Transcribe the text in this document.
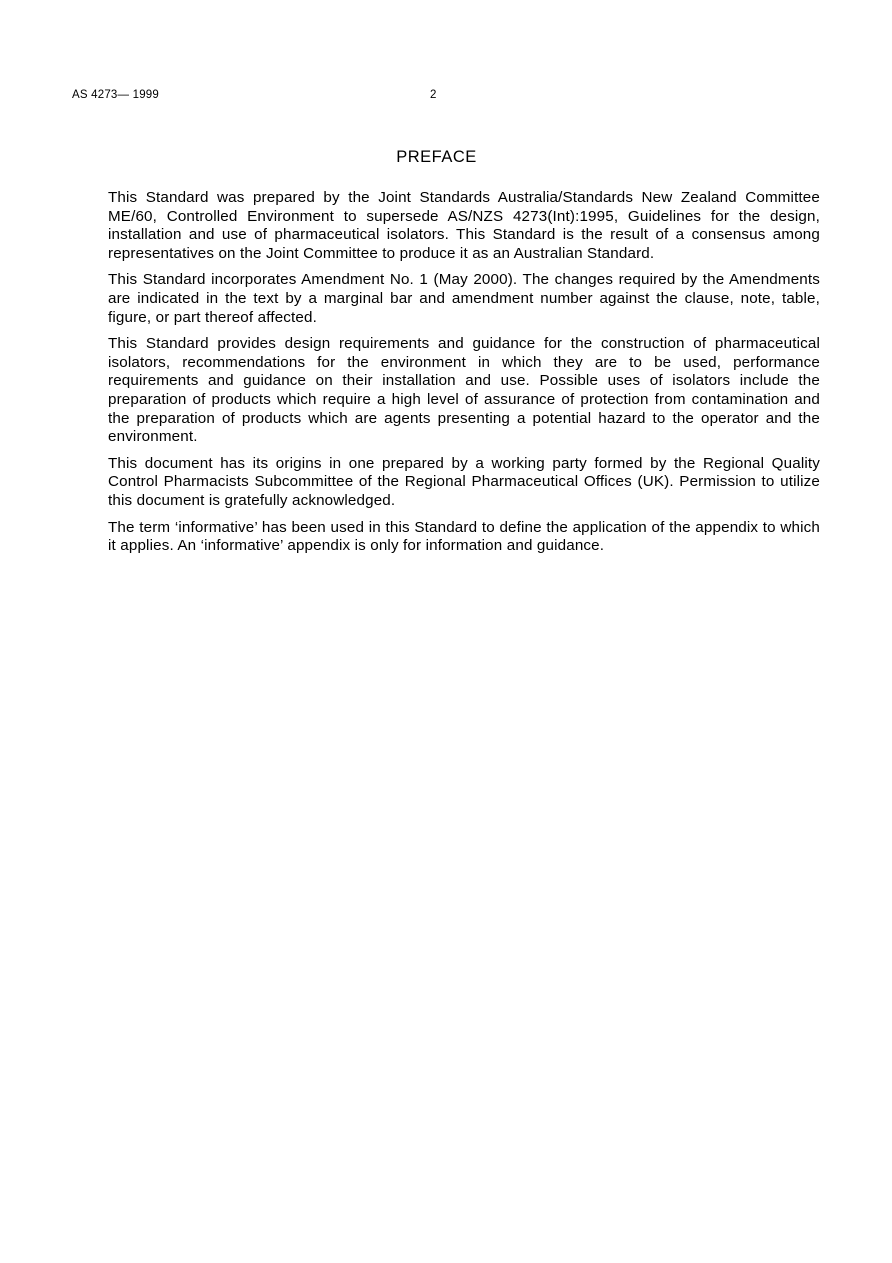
AS 4273— 1999	2
PREFACE

This Standard was prepared by the Joint Standards Australia/Standards New Zealand Committee ME/60, Controlled Environment to supersede AS/NZS 4273(Int):1995, Guidelines for the design, installation and use of pharmaceutical isolators. This Standard is the result of a consensus among representatives on the Joint Committee to produce it as an Australian Standard.

This Standard incorporates Amendment No. 1 (May 2000). The changes required by the Amendments are indicated in the text by a marginal bar and amendment number against the clause, note, table, figure, or part thereof affected.

This Standard provides design requirements and guidance for the construction of pharmaceutical isolators, recommendations for the environment in which they are to be used, performance requirements and guidance on their installation and use. Possible uses of isolators include the preparation of products which require a high level of assurance of protection from contamination and the preparation of products which are agents presenting a potential hazard to the operator and the environment.

This document has its origins in one prepared by a working party formed by the Regional Quality Control Pharmacists Subcommittee of the Regional Pharmaceutical Offices (UK). Permission to utilize this document is gratefully acknowledged.

The term ‘informative’ has been used in this Standard to define the application of the appendix to which it applies. An ‘informative’ appendix is only for information and guidance.
